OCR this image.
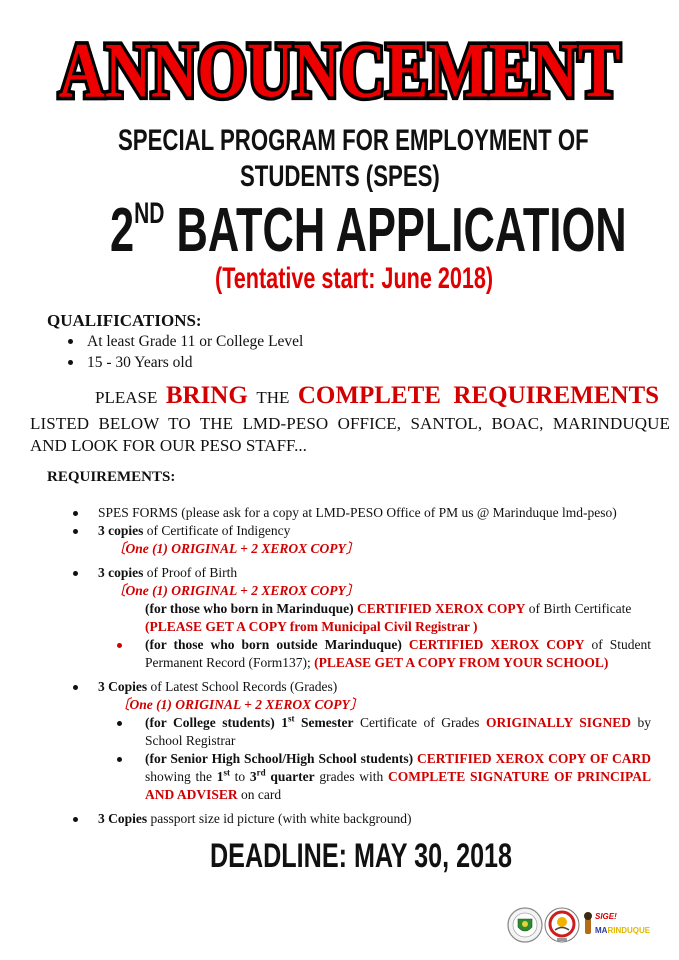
ANNOUNCEMENT
SPECIAL PROGRAM FOR EMPLOYMENT OF
STUDENTS (SPES)
2ND BATCH APPLICATION
(Tentative start: June 2018)
QUALIFICATIONS:
At least Grade 11 or College Level
15 - 30 Years old
PLEASE BRING THE COMPLETE  REQUIREMENTS
LISTED BELOW TO THE LMD-PESO OFFICE, SANTOL, BOAC, MARINDUQUE
AND LOOK FOR OUR PESO STAFF...
REQUIREMENTS:
SPES FORMS (please ask for a copy at LMD-PESO Office of PM us @ Marinduque lmd-peso)
3 copies of Certificate of Indigency
〔One (1) ORIGINAL + 2 XEROX COPY〕
3 copies of Proof of Birth
〔One (1) ORIGINAL + 2 XEROX COPY〕
(for those who born in Marinduque) CERTIFIED XEROX COPY of Birth Certificate
(PLEASE GET A COPY from Municipal Civil Registrar )
(for those who born outside Marinduque) CERTIFIED XEROX COPY of Student Permanent Record (Form137); (PLEASE GET A COPY FROM YOUR SCHOOL)
3 Copies of Latest School Records (Grades)
〔One (1) ORIGINAL + 2 XEROX COPY〕
(for College students) 1st Semester Certificate of Grades ORIGINALLY SIGNED by School Registrar
(for Senior High School/High School students) CERTIFIED XEROX COPY OF CARD showing the 1st to 3rd quarter grades with COMPLETE SIGNATURE OF PRINCIPAL AND ADVISER on card
3 Copies passport size id picture (with white background)
DEADLINE: MAY 30, 2018
SIGE!
MARINDUQUE
